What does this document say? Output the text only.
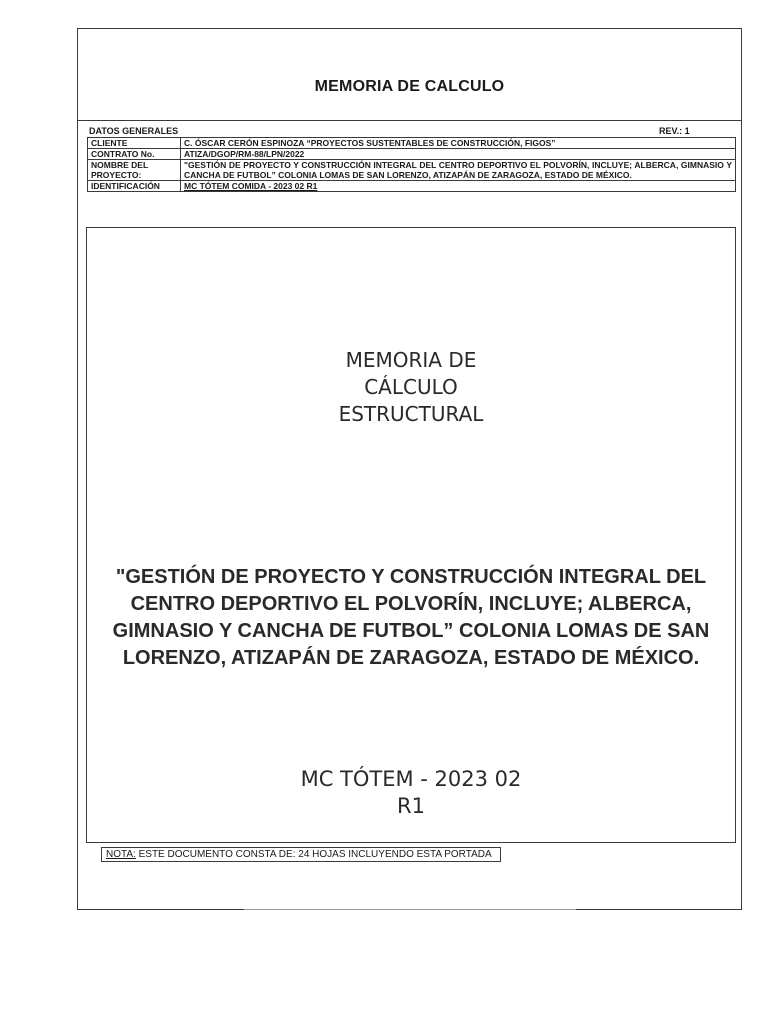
MEMORIA DE CALCULO
DATOS GENERALES	REV.: 1
CLIENTE	C. ÓSCAR CERÓN ESPINOZA “PROYECTOS SUSTENTABLES DE CONSTRUCCIÓN, FIGOS”
CONTRATO No.	ATIZA/DGOP/RM-88/LPN/2022
NOMBRE DEL PROYECTO:	"GESTIÓN DE PROYECTO Y CONSTRUCCIÓN INTEGRAL DEL CENTRO DEPORTIVO EL POLVORÍN, INCLUYE; ALBERCA, GIMNASIO Y CANCHA DE FUTBOL” COLONIA LOMAS DE SAN LORENZO, ATIZAPÁN DE ZARAGOZA, ESTADO DE MÉXICO.
IDENTIFICACIÓN	MC TÓTEM COMIDA - 2023 02 R1
MEMORIA DE
CÁLCULO
ESTRUCTURAL
"GESTIÓN DE PROYECTO Y CONSTRUCCIÓN INTEGRAL DEL CENTRO DEPORTIVO EL POLVORÍN, INCLUYE; ALBERCA, GIMNASIO Y CANCHA DE FUTBOL” COLONIA LOMAS DE SAN LORENZO, ATIZAPÁN DE ZARAGOZA, ESTADO DE MÉXICO.
MC TÓTEM - 2023 02
R1
NOTA: ESTE DOCUMENTO CONSTA DE: 24 HOJAS INCLUYENDO ESTA PORTADA
